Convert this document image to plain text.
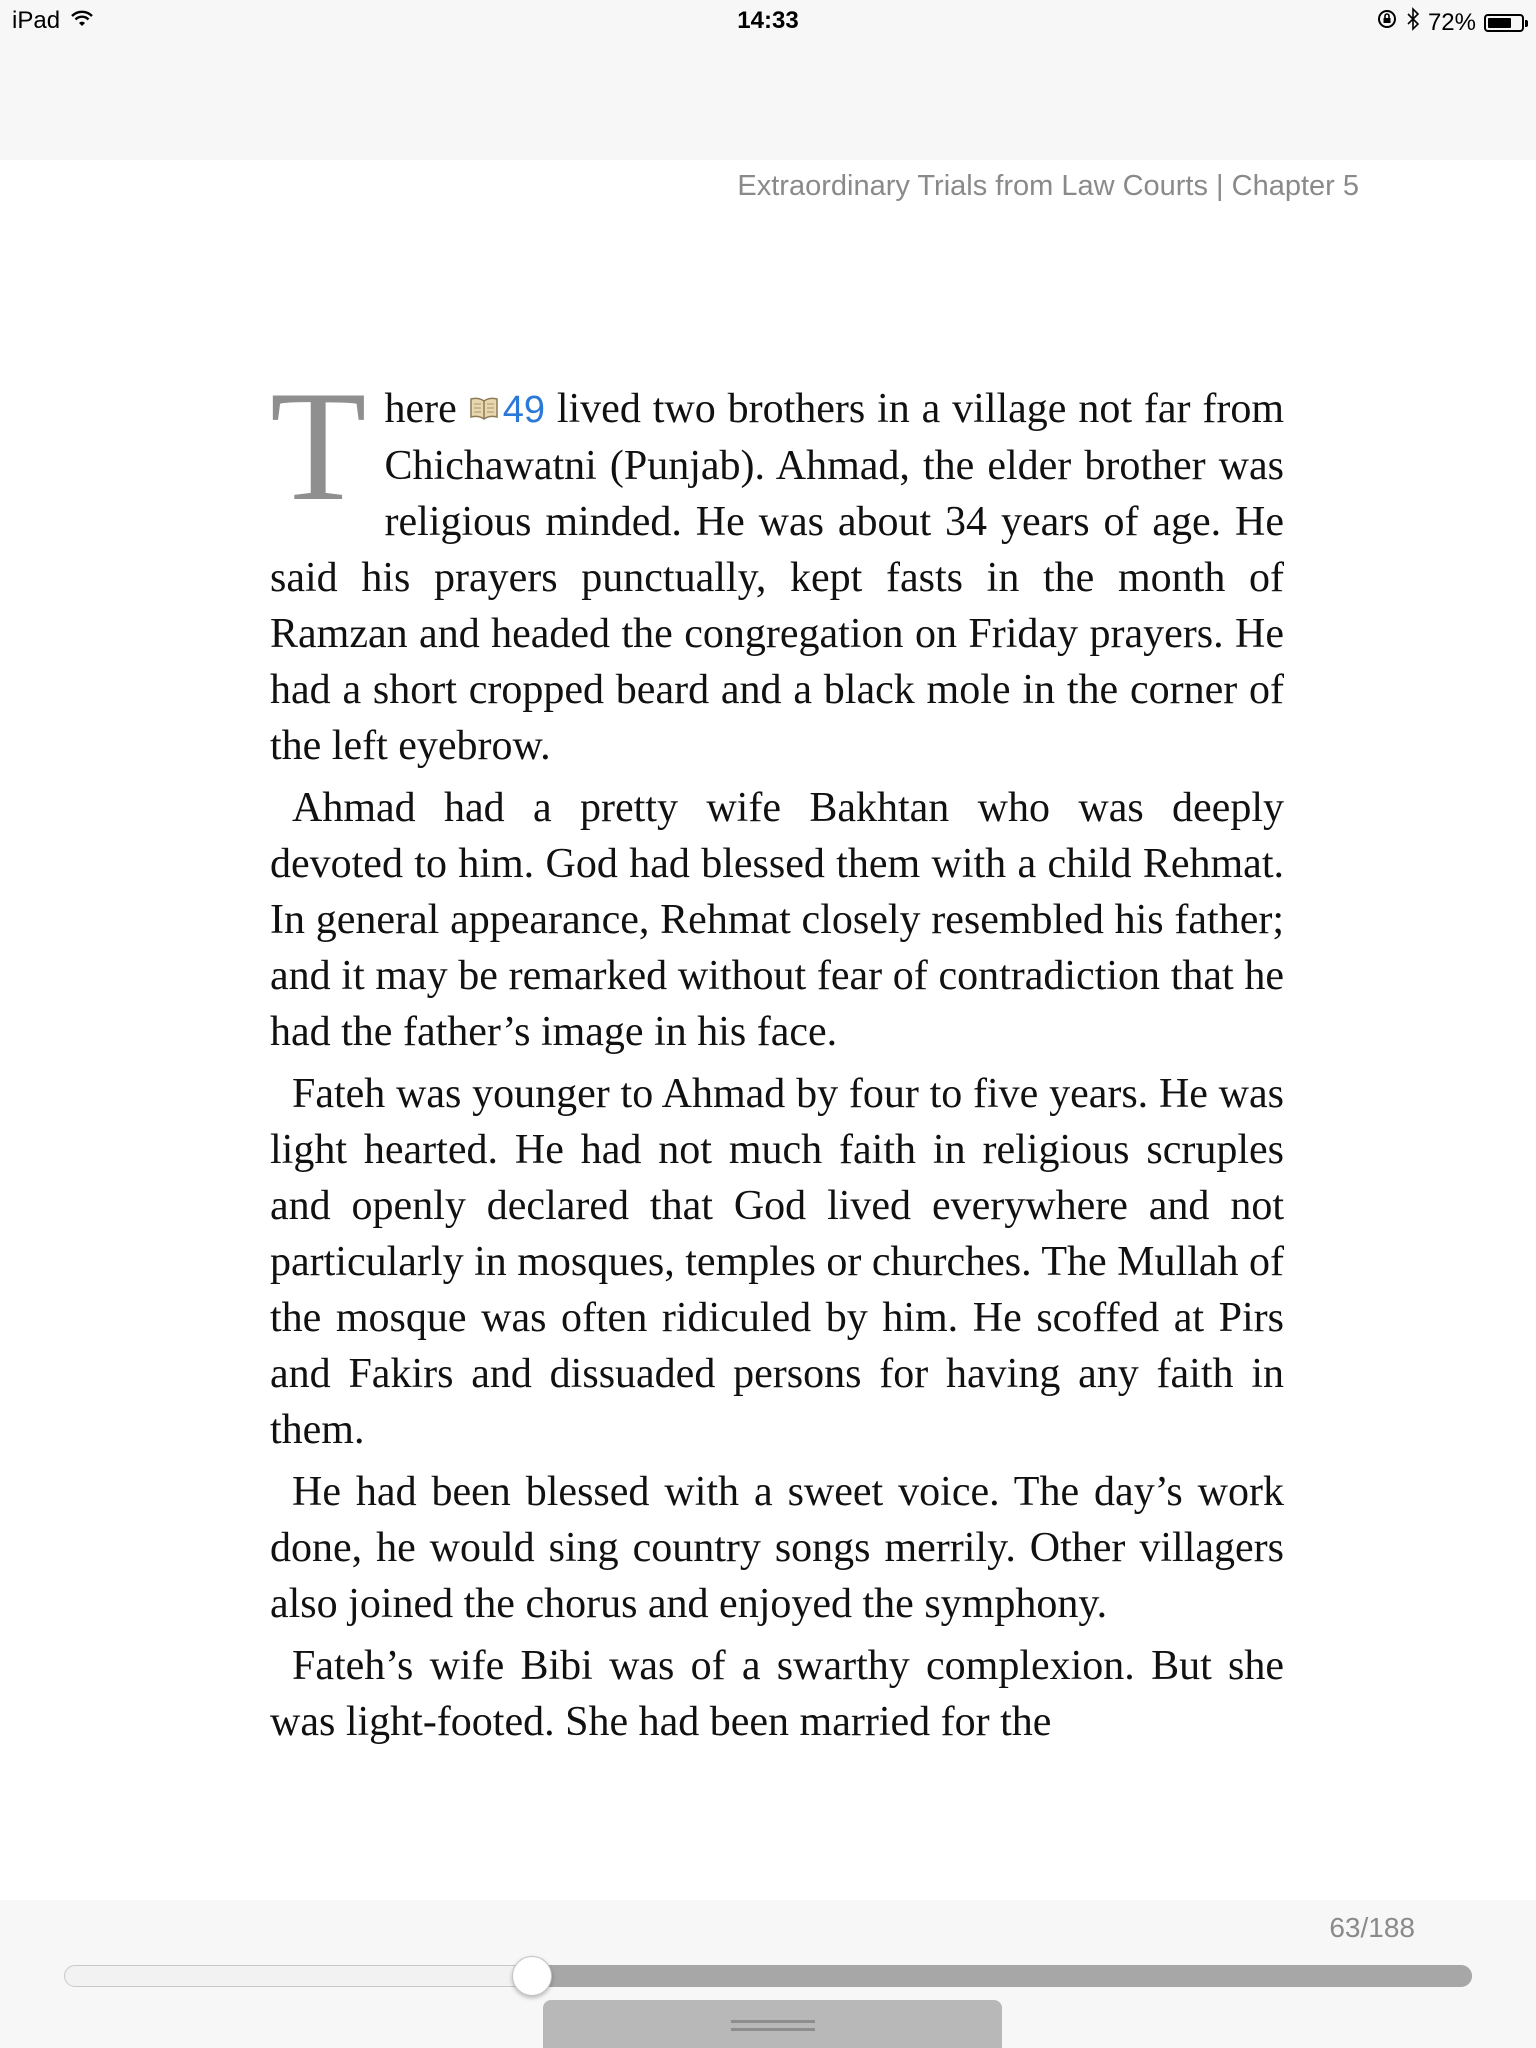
iPad	14:33	72%
Extraordinary Trials from Law Courts | Chapter 5

There 49 lived two brothers in a village not far from Chichawatni (Punjab). Ahmad, the elder brother was religious minded. He was about 34 years of age. He said his prayers punctually, kept fasts in the month of Ramzan and headed the congregation on Friday prayers. He had a short cropped beard and a black mole in the corner of the left eyebrow.

Ahmad had a pretty wife Bakhtan who was deeply devoted to him. God had blessed them with a child Rehmat. In general appearance, Rehmat closely resembled his father; and it may be remarked without fear of contradiction that he had the father’s image in his face.

Fateh was younger to Ahmad by four to five years. He was light hearted. He had not much faith in religious scruples and openly declared that God lived everywhere and not particularly in mosques, temples or churches. The Mullah of the mosque was often ridiculed by him. He scoffed at Pirs and Fakirs and dissuaded persons for having any faith in them.

He had been blessed with a sweet voice. The day’s work done, he would sing country songs merrily. Other villagers also joined the chorus and enjoyed the symphony.

Fateh’s wife Bibi was of a swarthy complexion. But she was light-footed. She had been married for the

63/188
